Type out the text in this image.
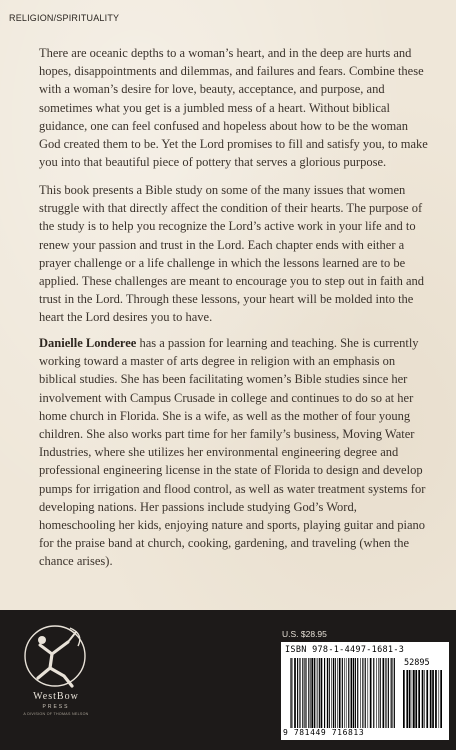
RELIGION/SPIRITUALITY

There are oceanic depths to a woman’s heart, and in the deep are hurts and hopes, disappointments and dilemmas, and failures and fears. Combine these with a woman’s desire for love, beauty, acceptance, and purpose, and sometimes what you get is a jumbled mess of a heart. Without biblical guidance, one can feel confused and hopeless about how to be the woman God created them to be. Yet the Lord promises to fill and satisfy you, to make you into that beautiful piece of pottery that serves a glorious purpose.

This book presents a Bible study on some of the many issues that women struggle with that directly affect the condition of their hearts. The purpose of the study is to help you recognize the Lord’s active work in your life and to renew your passion and trust in the Lord. Each chapter ends with either a prayer challenge or a life challenge in which the lessons learned are to be applied. These challenges are meant to encourage you to step out in faith and trust in the Lord. Through these lessons, your heart will be molded into the heart the Lord desires you to have.

Danielle Londeree has a passion for learning and teaching. She is currently working toward a master of arts degree in religion with an emphasis on biblical studies. She has been facilitating women’s Bible studies since her involvement with Campus Crusade in college and continues to do so at her home church in Florida. She is a wife, as well as the mother of four young children. She also works part time for her family’s business, Moving Water Industries, where she utilizes her environmental engineering degree and professional engineering license in the state of Florida to design and develop pumps for irrigation and flood control, as well as water treatment systems for developing nations. Her passions include studying God’s Word, homeschooling her kids, enjoying nature and sports, playing guitar and piano for the praise band at church, cooking, gardening, and traveling (when the chance arises).

WestBow
PRESS
A DIVISION OF THOMAS NELSON
U.S. $28.95
ISBN 978-1-4497-1681-3
52895
9 781449 716813
